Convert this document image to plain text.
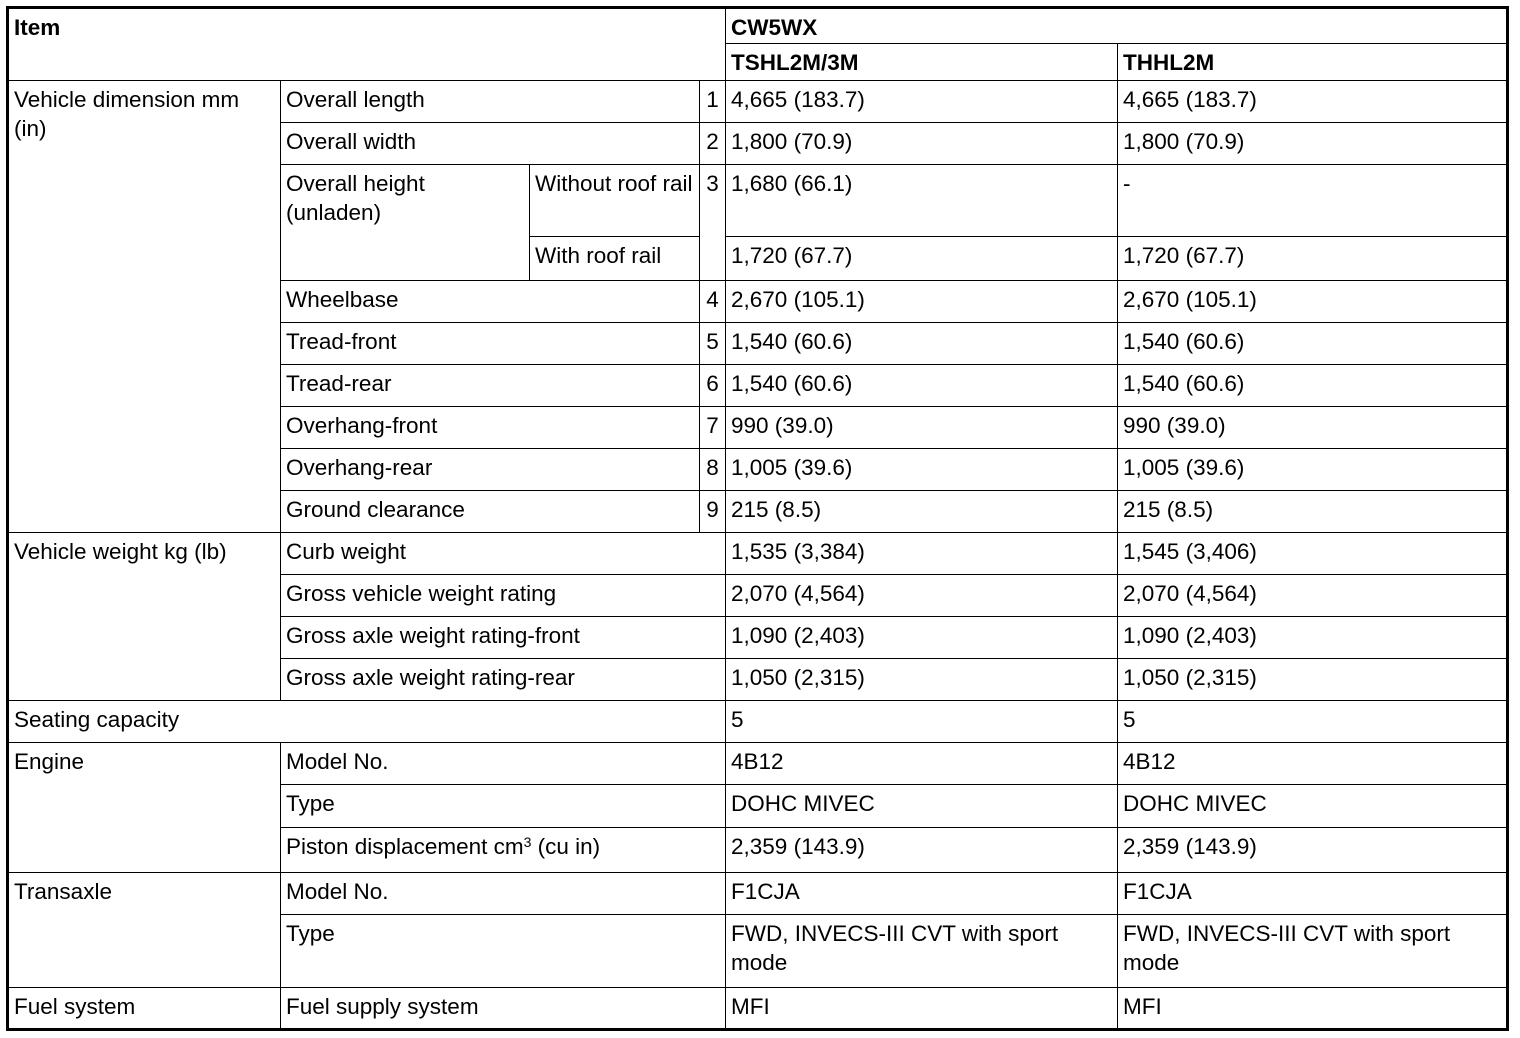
Item				CW5WX	
				TSHL2M/3M	THHL2M
Vehicle dimension mm (in)	Overall length		1	4,665 (183.7)	4,665 (183.7)
	Overall width		2	1,800 (70.9)	1,800 (70.9)
	Overall height (unladen)	Without roof rail	3	1,680 (66.1)	-
		With roof rail		1,720 (67.7)	1,720 (67.7)
	Wheelbase		4	2,670 (105.1)	2,670 (105.1)
	Tread-front		5	1,540 (60.6)	1,540 (60.6)
	Tread-rear		6	1,540 (60.6)	1,540 (60.6)
	Overhang-front		7	990 (39.0)	990 (39.0)
	Overhang-rear		8	1,005 (39.6)	1,005 (39.6)
	Ground clearance		9	215 (8.5)	215 (8.5)
Vehicle weight kg (lb)	Curb weight			1,535 (3,384)	1,545 (3,406)
	Gross vehicle weight rating			2,070 (4,564)	2,070 (4,564)
	Gross axle weight rating-front			1,090 (2,403)	1,090 (2,403)
	Gross axle weight rating-rear			1,050 (2,315)	1,050 (2,315)
Seating capacity				5	5
Engine	Model No.			4B12	4B12
	Type			DOHC MIVEC	DOHC MIVEC
	Piston displacement $cm^3$ (cu in)			2,359 (143.9)	2,359 (143.9)
Transaxle	Model No.			F1CJA	F1CJA
	Type			FWD, INVECS-III CVT with sport mode	FWD, INVECS-III CVT with sport mode
Fuel system	Fuel supply system			MFI	MFI
